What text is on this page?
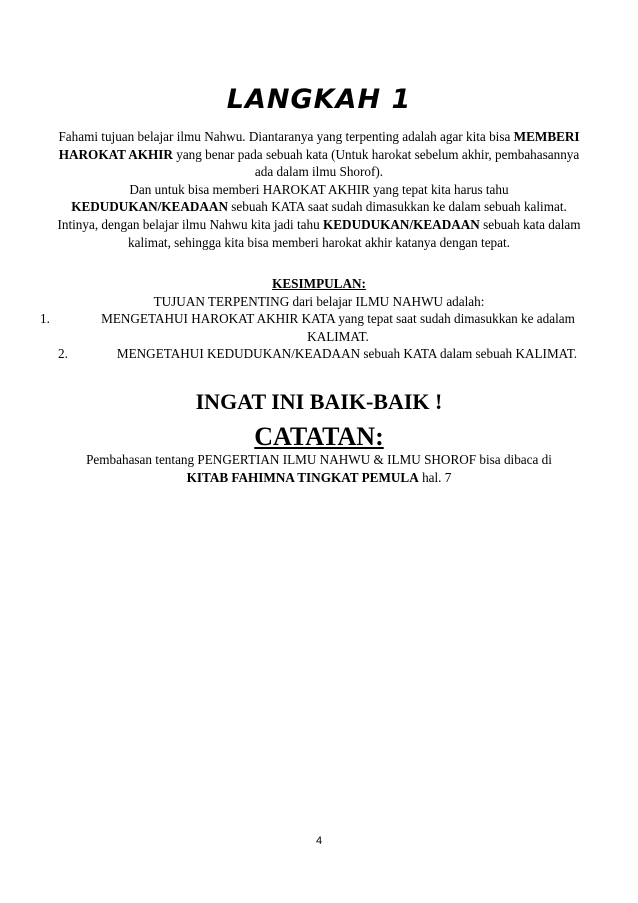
LANGKAH 1

Fahami tujuan belajar ilmu Nahwu. Diantaranya yang terpenting adalah agar kita bisa MEMBERI HAROKAT AKHIR yang benar pada sebuah kata (Untuk harokat sebelum akhir, pembahasannya ada dalam ilmu Shorof).

Dan untuk bisa memberi HAROKAT AKHIR yang tepat kita harus tahu KEDUDUKAN/KEADAAN sebuah KATA saat sudah dimasukkan ke dalam sebuah kalimat.

Intinya, dengan belajar ilmu Nahwu kita jadi tahu KEDUDUKAN/KEADAAN sebuah kata dalam kalimat, sehingga kita bisa memberi harokat akhir katanya dengan tepat.

KESIMPULAN:
TUJUAN TERPENTING dari belajar ILMU NAHWU adalah:
1.	MENGETAHUI HAROKAT AKHIR KATA yang tepat saat sudah dimasukkan ke adalam KALIMAT.
2.	MENGETAHUI KEDUDUKAN/KEADAAN sebuah KATA dalam sebuah KALIMAT.
INGAT INI BAIK-BAIK !
CATATAN:

Pembahasan tentang PENGERTIAN ILMU NAHWU & ILMU SHOROF bisa dibaca di

KITAB FAHIMNA TINGKAT PEMULA hal. 7

4
